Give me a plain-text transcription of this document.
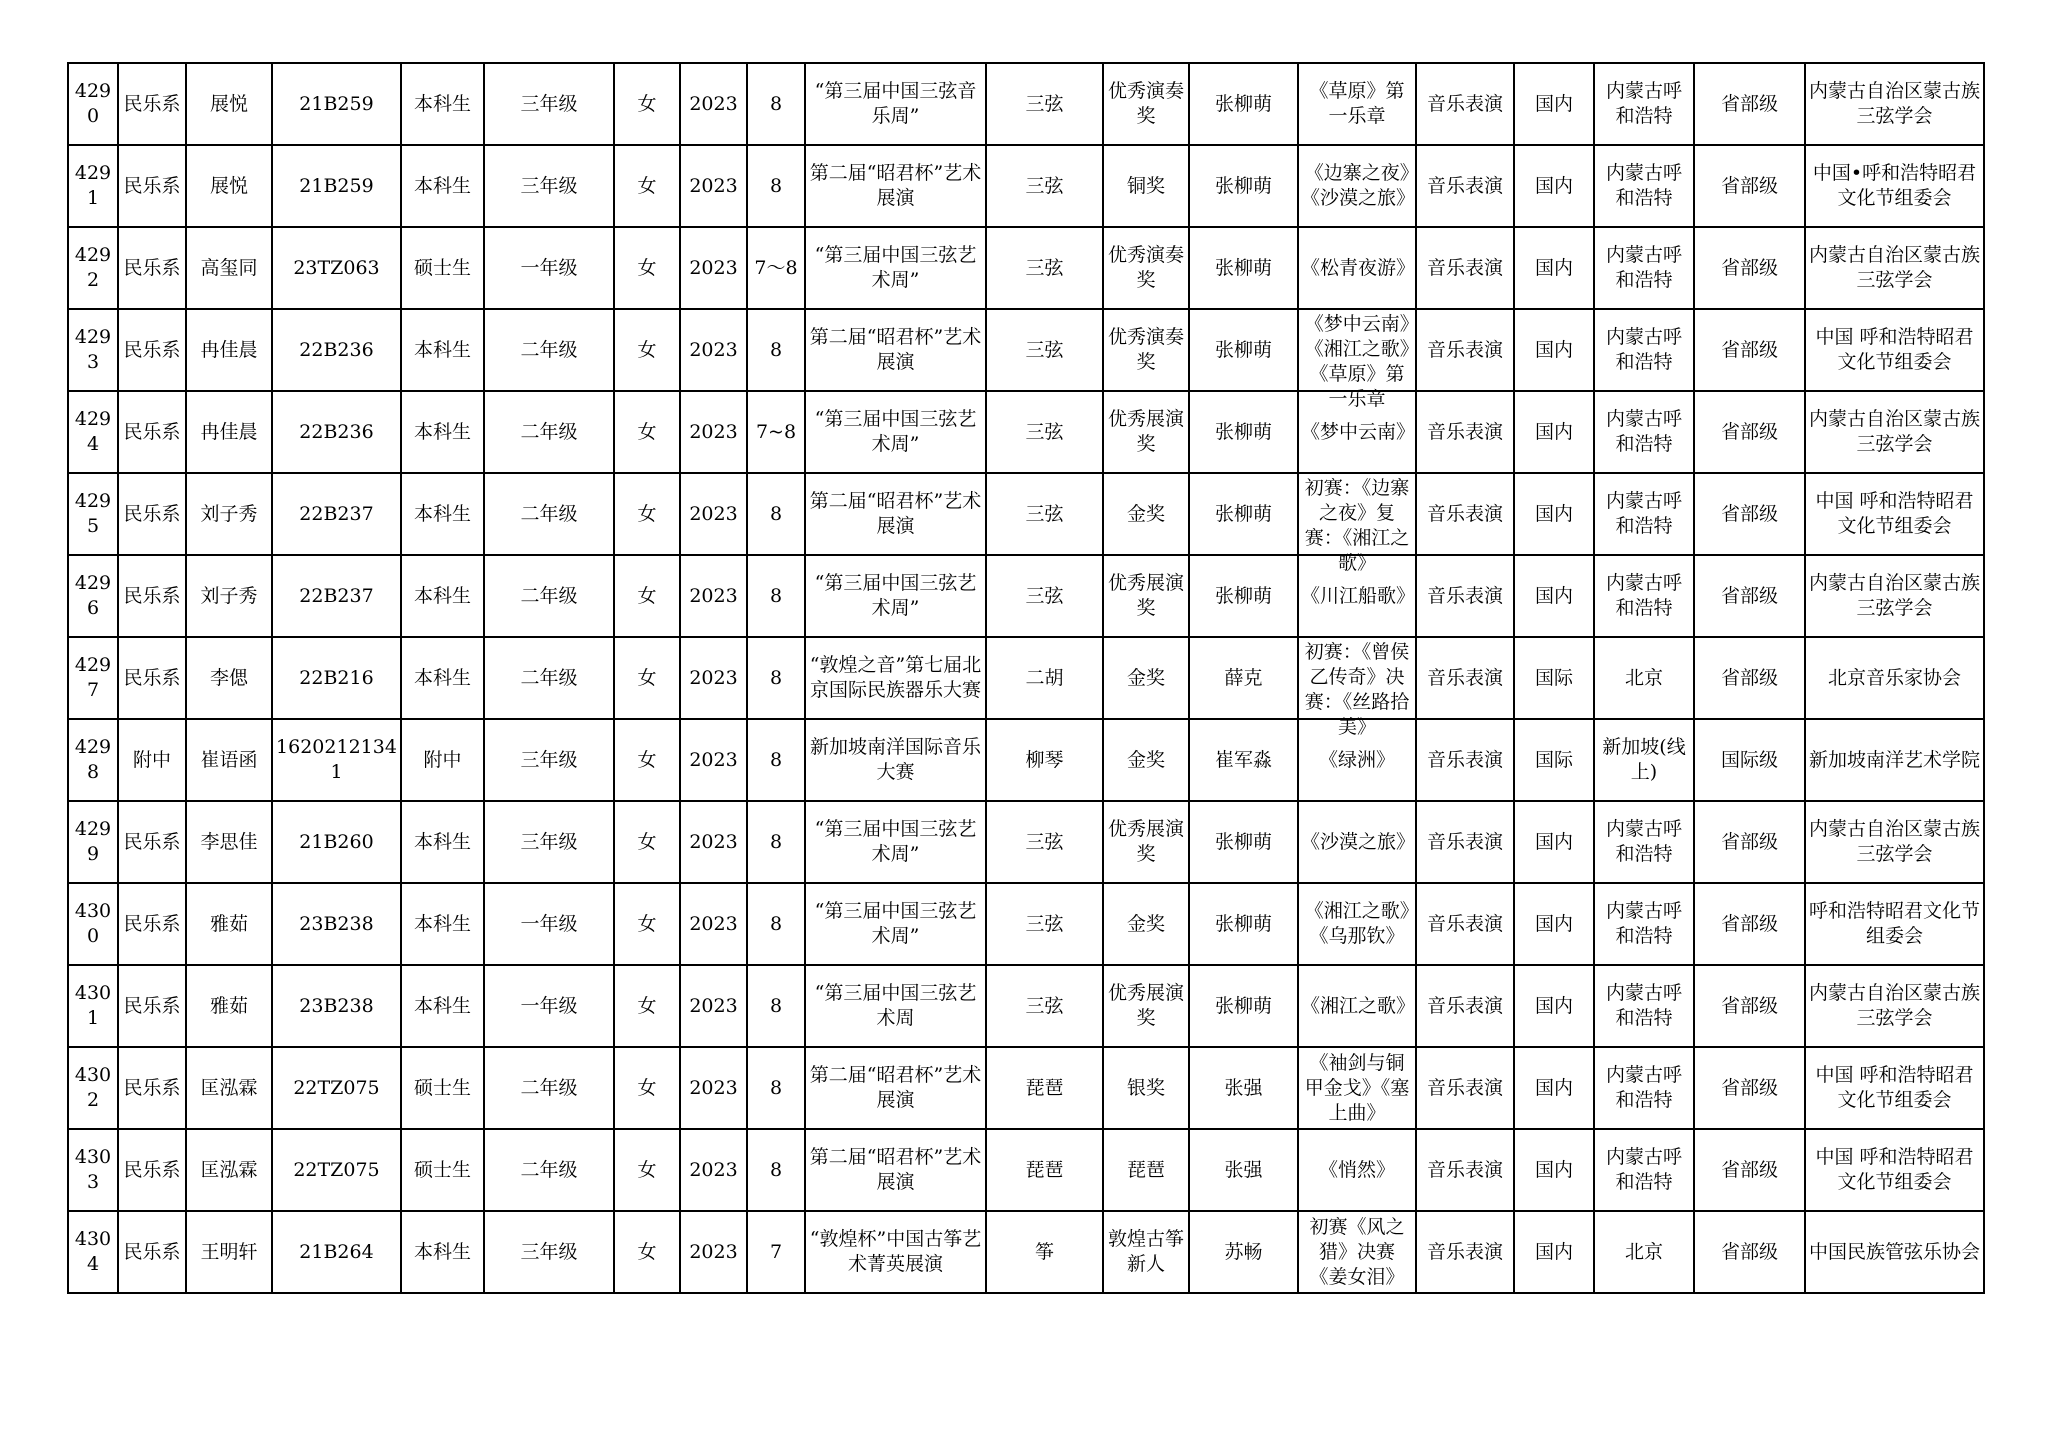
4290	民乐系	展悦	21B259	本科生	三年级	女	2023	8	“第三届中国三弦音乐周”	三弦	优秀演奏奖	张柳萌	《草原》第一乐章	音乐表演	国内	内蒙古呼和浩特	省部级	内蒙古自治区蒙古族三弦学会

4291	民乐系	展悦	21B259	本科生	三年级	女	2023	8	第二届“昭君杯”艺术展演	三弦	铜奖	张柳萌	《边寨之夜》《沙漠之旅》	音乐表演	国内	内蒙古呼和浩特	省部级	中国•呼和浩特昭君文化节组委会

4292	民乐系	高玺同	23TZ063	硕士生	一年级	女	2023	7～8	“第三届中国三弦艺术周”	三弦	优秀演奏奖	张柳萌	《松青夜游》	音乐表演	国内	内蒙古呼和浩特	省部级	内蒙古自治区蒙古族三弦学会

4293	民乐系	冉佳晨	22B236	本科生	二年级	女	2023	8	第二届“昭君杯”艺术展演	三弦	优秀演奏奖	张柳萌	《梦中云南》《湘江之歌》《草原》第一乐章	音乐表演	国内	内蒙古呼和浩特	省部级	中国 呼和浩特昭君文化节组委会

4294	民乐系	冉佳晨	22B236	本科生	二年级	女	2023	7~8	“第三届中国三弦艺术周”	三弦	优秀展演奖	张柳萌	《梦中云南》	音乐表演	国内	内蒙古呼和浩特	省部级	内蒙古自治区蒙古族三弦学会

4295	民乐系	刘子秀	22B237	本科生	二年级	女	2023	8	第二届“昭君杯”艺术展演	三弦	金奖	张柳萌	初赛：《边寨之夜》复赛：《湘江之歌》	音乐表演	国内	内蒙古呼和浩特	省部级	中国 呼和浩特昭君文化节组委会

4296	民乐系	刘子秀	22B237	本科生	二年级	女	2023	8	“第三届中国三弦艺术周”	三弦	优秀展演奖	张柳萌	《川江船歌》	音乐表演	国内	内蒙古呼和浩特	省部级	内蒙古自治区蒙古族三弦学会

4297	民乐系	李偲	22B216	本科生	二年级	女	2023	8	“敦煌之音”第七届北京国际民族器乐大赛	二胡	金奖	薛克	初赛：《曾侯乙传奇》决赛：《丝路拾美》	音乐表演	国际	北京	省部级	北京音乐家协会

4298	附中	崔语函	16202121341	附中	三年级	女	2023	8	新加坡南洋国际音乐大赛	柳琴	金奖	崔军淼	《绿洲》	音乐表演	国际	新加坡(线上)	国际级	新加坡南洋艺术学院

4299	民乐系	李思佳	21B260	本科生	三年级	女	2023	8	“第三届中国三弦艺术周”	三弦	优秀展演奖	张柳萌	《沙漠之旅》	音乐表演	国内	内蒙古呼和浩特	省部级	内蒙古自治区蒙古族三弦学会

4300	民乐系	雅茹	23B238	本科生	一年级	女	2023	8	“第三届中国三弦艺术周”	三弦	金奖	张柳萌	《湘江之歌》《乌那钦》	音乐表演	国内	内蒙古呼和浩特	省部级	呼和浩特昭君文化节组委会

4301	民乐系	雅茹	23B238	本科生	一年级	女	2023	8	“第三届中国三弦艺术周	三弦	优秀展演奖	张柳萌	《湘江之歌》	音乐表演	国内	内蒙古呼和浩特	省部级	内蒙古自治区蒙古族三弦学会

4302	民乐系	匡泓霖	22TZ075	硕士生	二年级	女	2023	8	第二届“昭君杯”艺术展演	琵琶	银奖	张强	《袖剑与铜甲金戈》《塞上曲》	音乐表演	国内	内蒙古呼和浩特	省部级	中国 呼和浩特昭君文化节组委会

4303	民乐系	匡泓霖	22TZ075	硕士生	二年级	女	2023	8	第二届“昭君杯”艺术展演	琵琶	琵琶	张强	《悄然》	音乐表演	国内	内蒙古呼和浩特	省部级	中国 呼和浩特昭君文化节组委会

4304	民乐系	王明轩	21B264	本科生	三年级	女	2023	7	“敦煌杯”中国古筝艺术菁英展演	筝	敦煌古筝新人	苏畅	初赛《风之猎》决赛《姜女泪》	音乐表演	国内	北京	省部级	中国民族管弦乐协会
